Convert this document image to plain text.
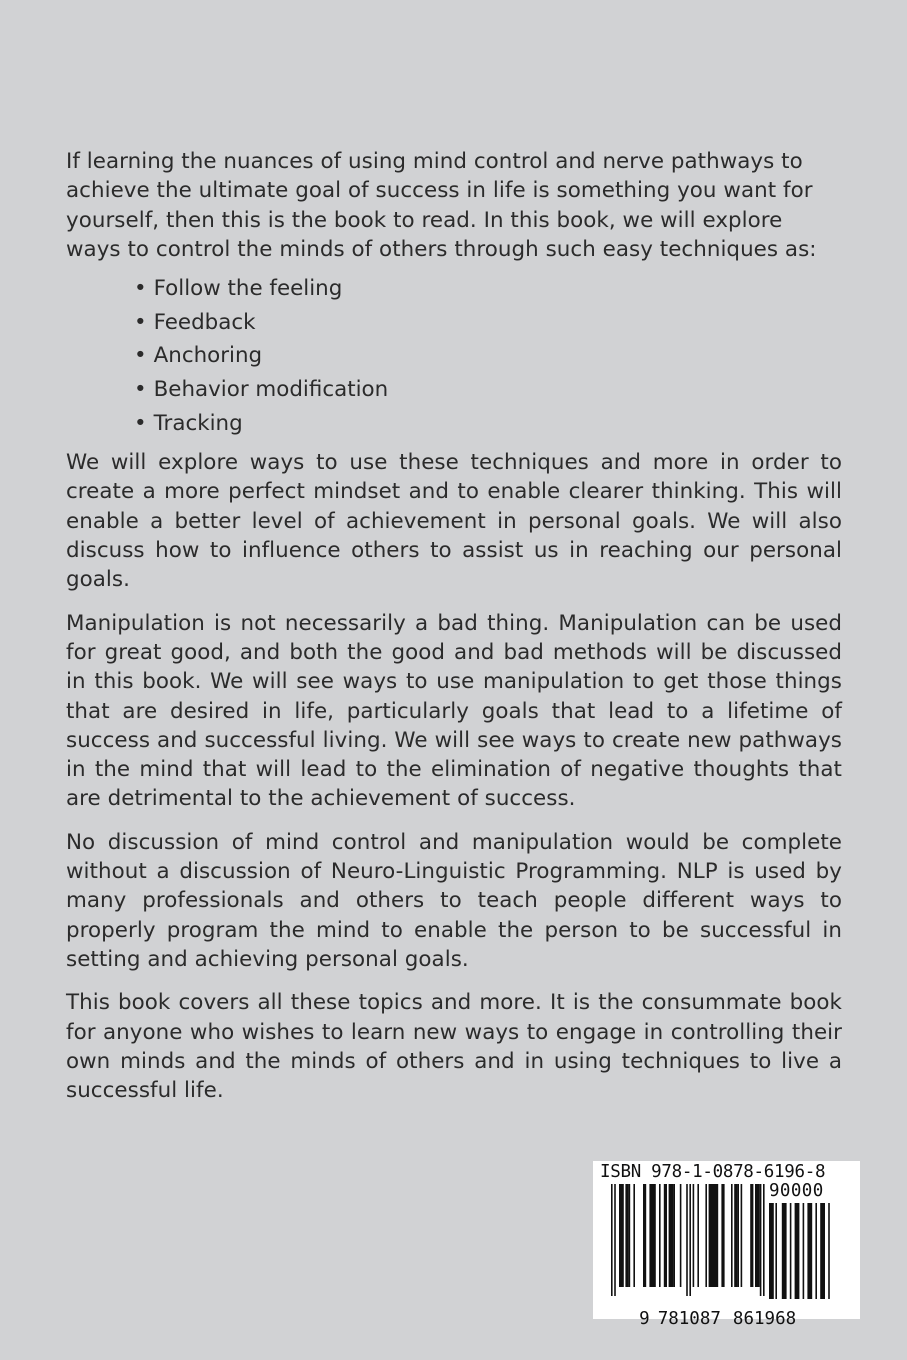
If learning the nuances of using mind control and nerve pathways to achieve the ultimate goal of success in life is something you want for yourself, then this is the book to read. In this book, we will explore ways to control the minds of others through such easy techniques as:

• Follow the feeling
• Feedback
• Anchoring
• Behavior modification
• Tracking

We will explore ways to use these techniques and more in order to create a more perfect mindset and to enable clearer thinking. This will enable a better level of achievement in personal goals. We will also discuss how to influence others to assist us in reaching our personal goals.

Manipulation is not necessarily a bad thing. Manipulation can be used for great good, and both the good and bad methods will be discussed in this book. We will see ways to use manipulation to get those things that are desired in life, particularly goals that lead to a lifetime of success and successful living. We will see ways to create new pathways in the mind that will lead to the elimination of negative thoughts that are detrimental to the achievement of success.

No discussion of mind control and manipulation would be complete without a discussion of Neuro-Linguistic Programming. NLP is used by many professionals and others to teach people different ways to properly program the mind to enable the person to be successful in setting and achieving personal goals.

This book covers all these topics and more. It is the consummate book for anyone who wishes to learn new ways to engage in controlling their own minds and the minds of others and in using techniques to live a successful life.

ISBN 978-1-0878-6196-8
90000

9 781087 861968
